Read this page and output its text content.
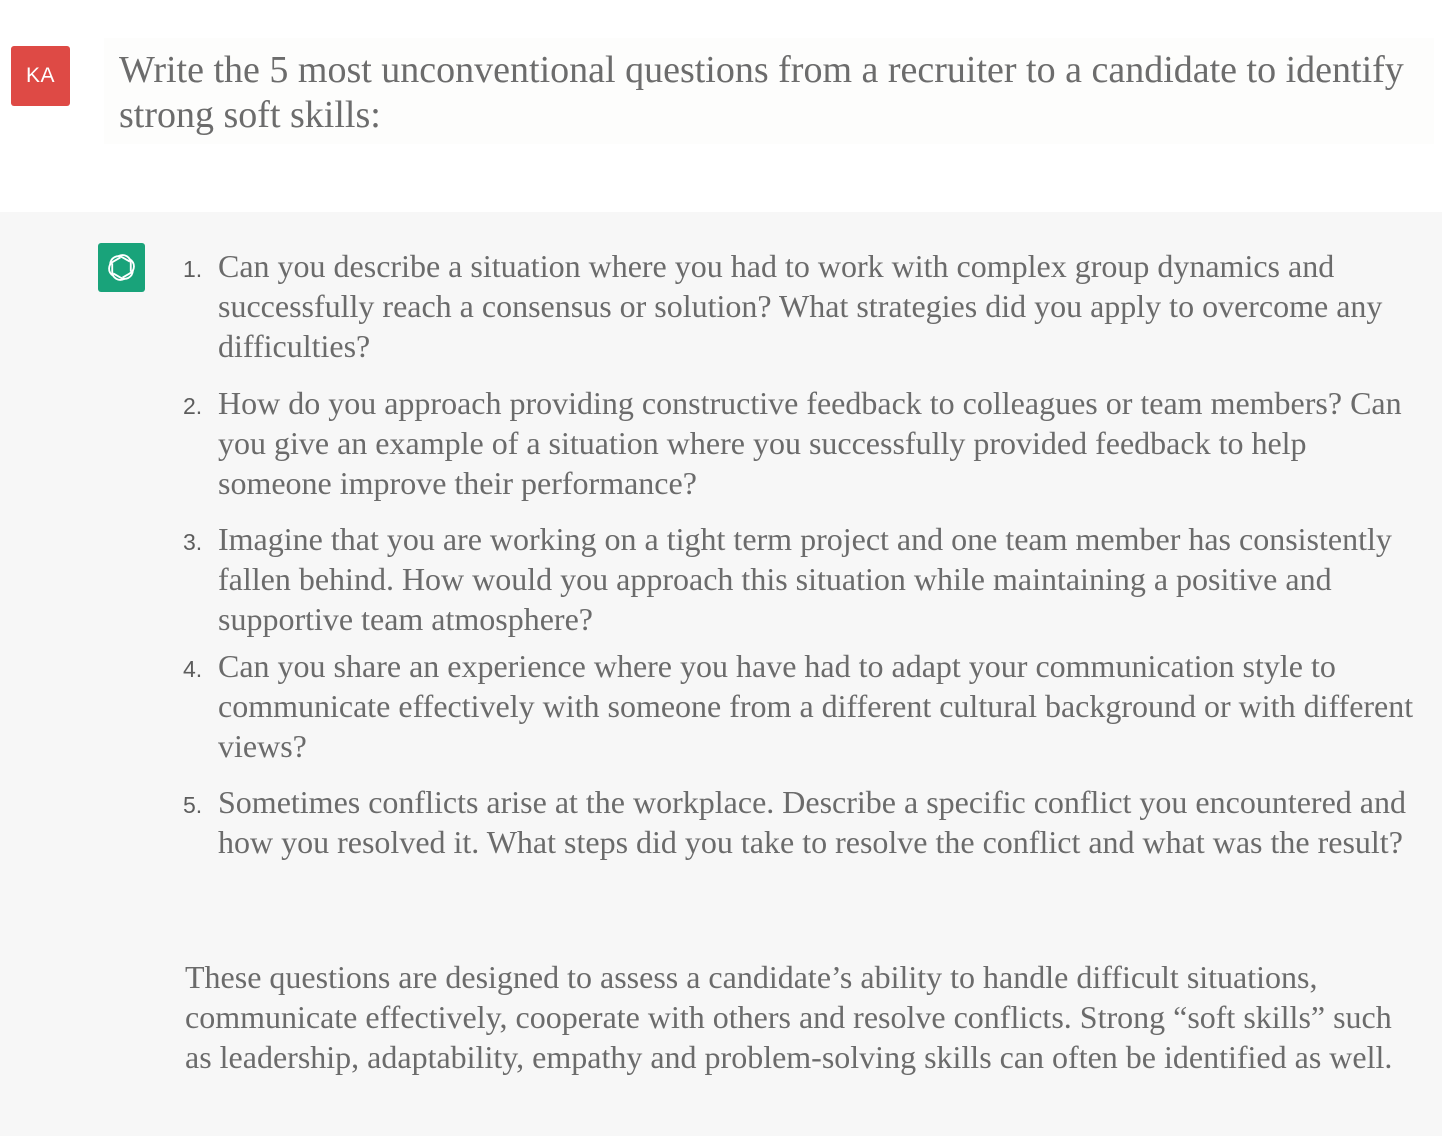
KA	Write the 5 most unconventional questions from a recruiter to a candidate to identify strong soft skills:

1. Can you describe a situation where you had to work with complex group dynamics and successfully reach a consensus or solution? What strategies did you apply to overcome any difficulties?
2. How do you approach providing constructive feedback to colleagues or team members? Can you give an example of a situation where you successfully provided feedback to help someone improve their performance?
3. Imagine that you are working on a tight term project and one team member has consistently fallen behind. How would you approach this situation while maintaining a positive and supportive team atmosphere?
4. Can you share an experience where you have had to adapt your communication style to communicate effectively with someone from a different cultural background or with different views?
5. Sometimes conflicts arise at the workplace. Describe a specific conflict you encountered and how you resolved it. What steps did you take to resolve the conflict and what was the result?

These questions are designed to assess a candidate’s ability to handle difficult situations, communicate effectively, cooperate with others and resolve conflicts. Strong “soft skills” such as leadership, adaptability, empathy and problem-solving skills can often be identified as well.
